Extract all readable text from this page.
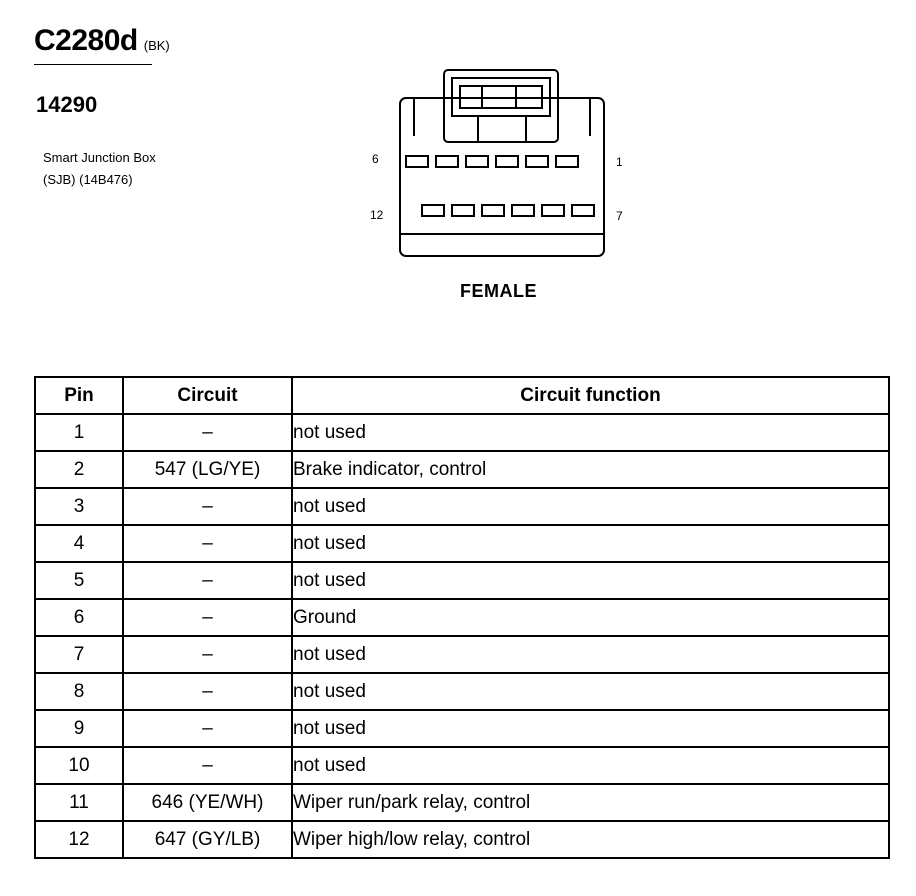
C2280d (BK)
14290
Smart Junction Box
(SJB) (14B476)
6	1
12	7
FEMALE
Pin	Circuit	Circuit function
1	–	not used
2	547 (LG/YE)	Brake indicator, control
3	–	not used
4	–	not used
5	–	not used
6	–	Ground
7	–	not used
8	–	not used
9	–	not used
10	–	not used
11	646 (YE/WH)	Wiper run/park relay, control
12	647 (GY/LB)	Wiper high/low relay, control
